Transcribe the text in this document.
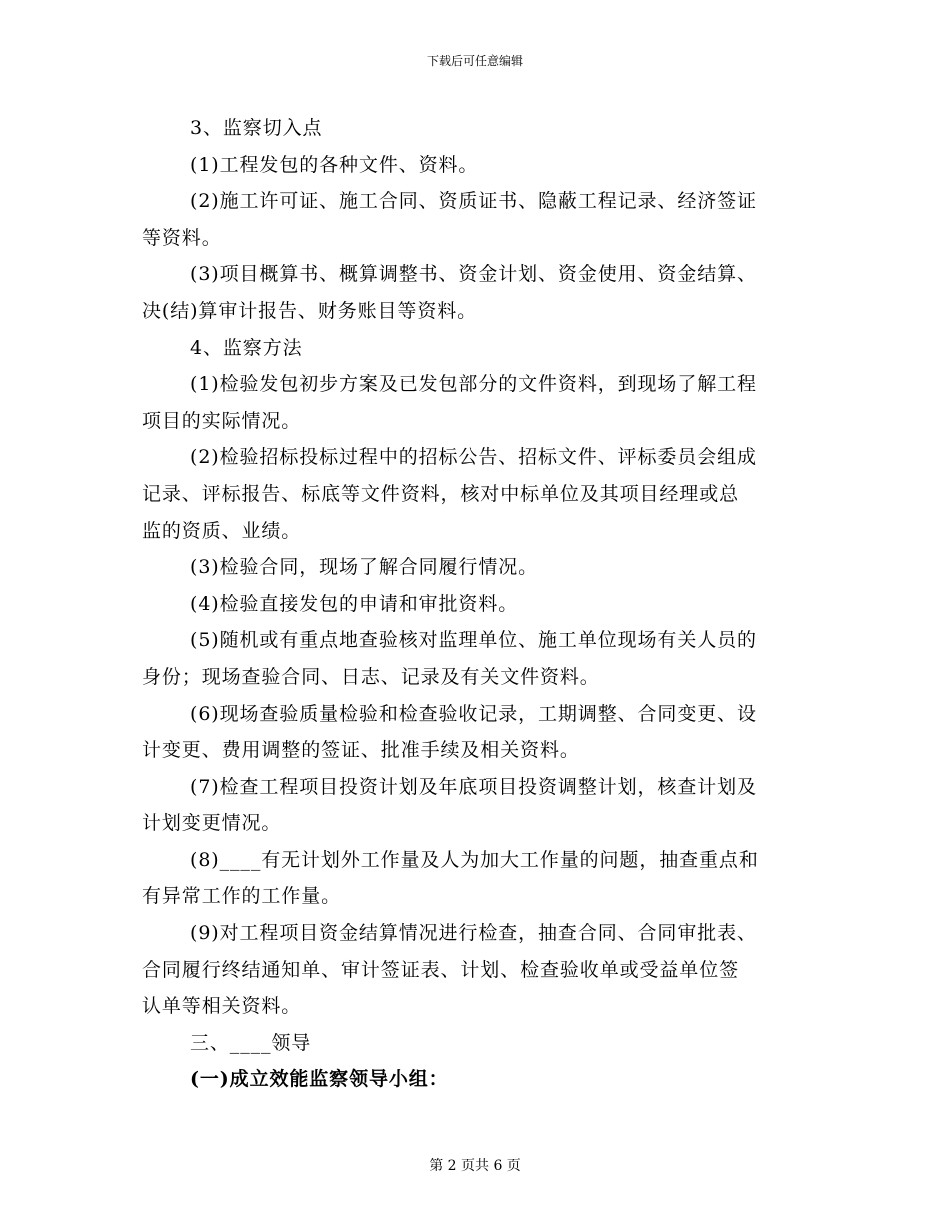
下载后可任意编辑
3、监察切入点
(1)工程发包的各种文件、资料。
(2)施工许可证、施工合同、资质证书、隐蔽工程记录、经济签证
等资料。
(3)项目概算书、概算调整书、资金计划、资金使用、资金结算、
决(结)算审计报告、财务账目等资料。
4、监察方法
(1)检验发包初步方案及已发包部分的文件资料，到现场了解工程
项目的实际情况。
(2)检验招标投标过程中的招标公告、招标文件、评标委员会组成
记录、评标报告、标底等文件资料，核对中标单位及其项目经理或总
监的资质、业绩。
(3)检验合同，现场了解合同履行情况。
(4)检验直接发包的申请和审批资料。
(5)随机或有重点地查验核对监理单位、施工单位现场有关人员的
身份；现场查验合同、日志、记录及有关文件资料。
(6)现场查验质量检验和检查验收记录，工期调整、合同变更、设
计变更、费用调整的签证、批准手续及相关资料。
(7)检查工程项目投资计划及年底项目投资调整计划，核查计划及
计划变更情况。
(8)____有无计划外工作量及人为加大工作量的问题，抽查重点和
有异常工作的工作量。
(9)对工程项目资金结算情况进行检查，抽查合同、合同审批表、
合同履行终结通知单、审计签证表、计划、检查验收单或受益单位签
认单等相关资料。
三、____领导
(一)成立效能监察领导小组：
第 2 页共 6 页
